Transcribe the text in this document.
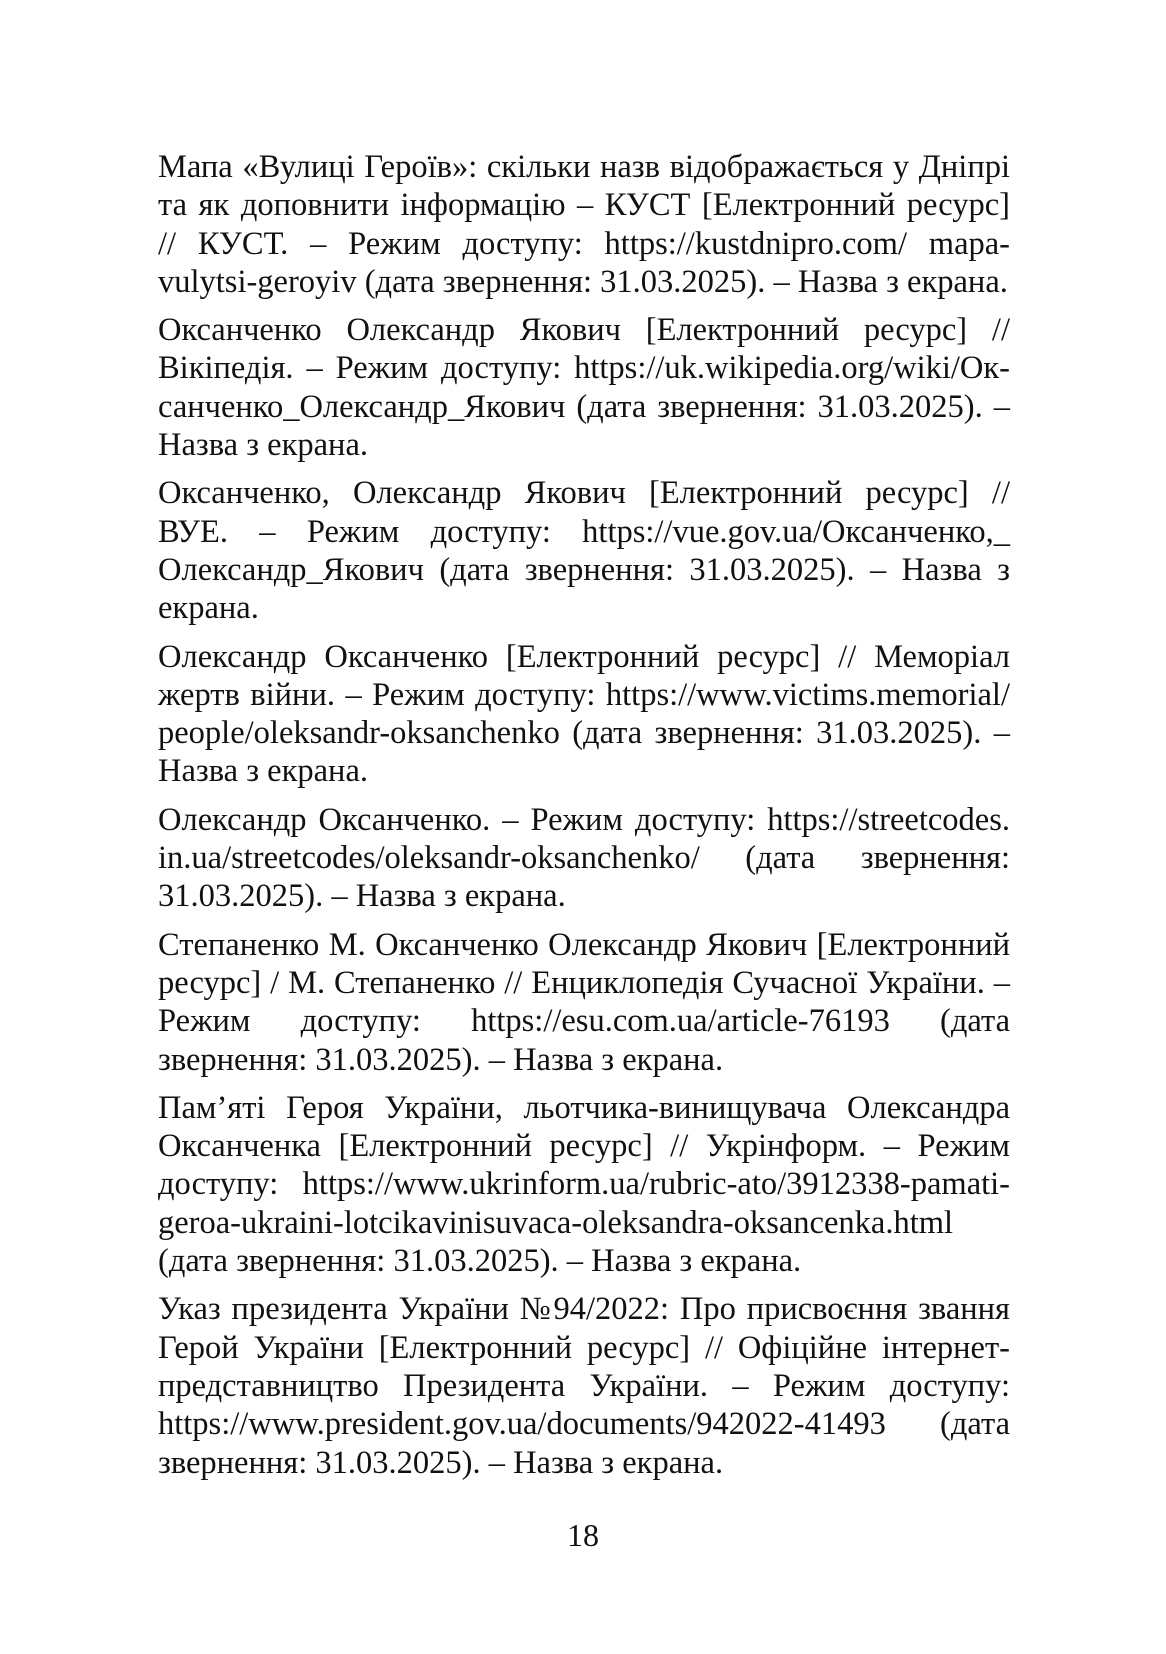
Мапа «Вулиці Героїв»: скільки назв відображається у Дніпрі та як доповнити інформацію – КУСТ [Електронний ресурс] // КУСТ. – Режим доступу: https://kustdnipro.com/ mapa-vulytsi-geroyiv (дата звернення: 31.03.2025). – Назва з екрана.

Оксанченко Олександр Якович [Електронний ресурс] // Вікіпедія. – Режим доступу: https://uk.wikipedia.org/wiki/Оксанченко_Олександр_Якович (дата звернення: 31.03.2025). – Назва з екрана.

Оксанченко, Олександр Якович [Електронний ресурс] // ВУЕ. – Режим доступу: https://vue.gov.ua/Оксанченко,_ Олександр_Якович (дата звернення: 31.03.2025). – Назва з екрана.

Олександр Оксанченко [Електронний ресурс] // Меморіал жертв війни. – Режим доступу: https://www.victims.memorial/ people/oleksandr-oksanchenko (дата звернення: 31.03.2025). – Назва з екрана.

Олександр Оксанченко. – Режим доступу: https://streetcodes. in.ua/streetcodes/oleksandr-oksanchenko/ (дата звернення: 31.03.2025). – Назва з екрана.

Степаненко М. Оксанченко Олександр Якович [Електронний ресурс] / М. Степаненко // Енциклопедія Сучасної України. – Режим доступу: https://esu.com.ua/article-76193 (дата звернення: 31.03.2025). – Назва з екрана.

Пам’яті Героя України, льотчика-винищувача Олександра Оксанченка [Електронний ресурс] // Укрінформ. – Режим доступу: https://www.ukrinform.ua/rubric-ato/3912338-pamati-geroa-ukraini-lotcikavinisuvaca-oleksandra-oksancenka.html (дата звернення: 31.03.2025). – Назва з екрана.

Указ президента України №94/2022: Про присвоєння звання Герой України [Електронний ресурс] // Офіційне інтернет-представництво Президента України. – Режим доступу: https://www.president.gov.ua/documents/942022-41493 (дата звернення: 31.03.2025). – Назва з екрана.

18
